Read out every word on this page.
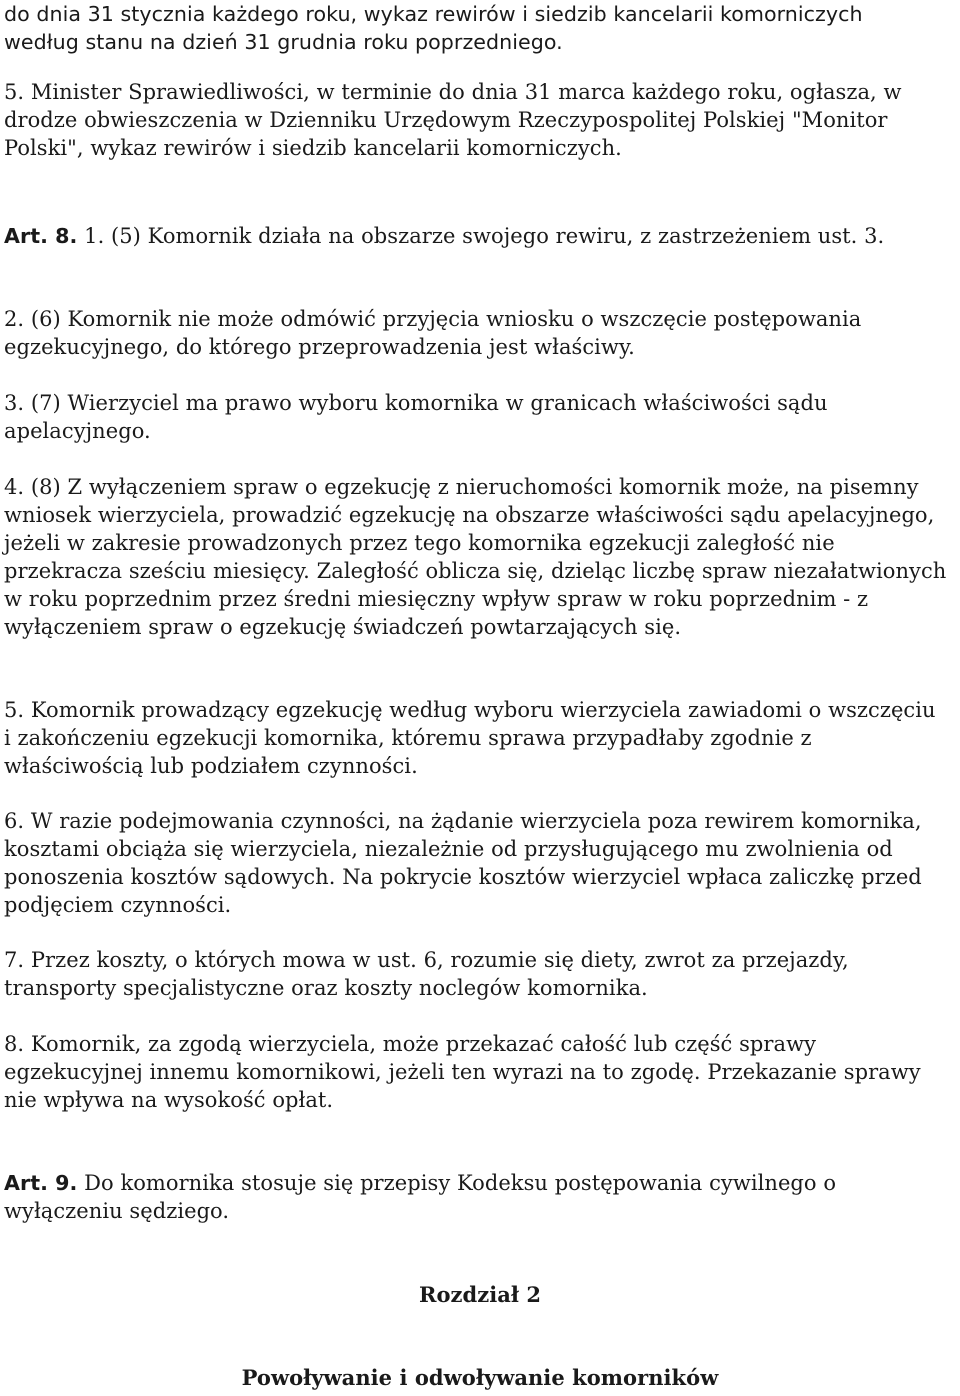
do dnia 31 stycznia każdego roku, wykaz rewirów i siedzib kancelarii komorniczych według stanu na dzień 31 grudnia roku poprzedniego.

5. Minister Sprawiedliwości, w terminie do dnia 31 marca każdego roku, ogłasza, w drodze obwieszczenia w Dzienniku Urzędowym Rzeczypospolitej Polskiej "Monitor Polski", wykaz rewirów i siedzib kancelarii komorniczych.

Art. 8. 1. (5) Komornik działa na obszarze swojego rewiru, z zastrzeżeniem ust. 3.

2. (6) Komornik nie może odmówić przyjęcia wniosku o wszczęcie postępowania egzekucyjnego, do którego przeprowadzenia jest właściwy.

3. (7) Wierzyciel ma prawo wyboru komornika w granicach właściwości sądu apelacyjnego.

4. (8) Z wyłączeniem spraw o egzekucję z nieruchomości komornik może, na pisemny wniosek wierzyciela, prowadzić egzekucję na obszarze właściwości sądu apelacyjnego, jeżeli w zakresie prowadzonych przez tego komornika egzekucji zaległość nie przekracza sześciu miesięcy. Zaległość oblicza się, dzieląc liczbę spraw niezałatwionych w roku poprzednim przez średni miesięczny wpływ spraw w roku poprzednim - z wyłączeniem spraw o egzekucję świadczeń powtarzających się.

5. Komornik prowadzący egzekucję według wyboru wierzyciela zawiadomi o wszczęciu i zakończeniu egzekucji komornika, któremu sprawa przypadłaby zgodnie z właściwością lub podziałem czynności.

6. W razie podejmowania czynności, na żądanie wierzyciela poza rewirem komornika, kosztami obciąża się wierzyciela, niezależnie od przysługującego mu zwolnienia od ponoszenia kosztów sądowych. Na pokrycie kosztów wierzyciel wpłaca zaliczkę przed podjęciem czynności.

7. Przez koszty, o których mowa w ust. 6, rozumie się diety, zwrot za przejazdy, transporty specjalistyczne oraz koszty noclegów komornika.

8. Komornik, za zgodą wierzyciela, może przekazać całość lub część sprawy egzekucyjnej innemu komornikowi, jeżeli ten wyrazi na to zgodę. Przekazanie sprawy nie wpływa na wysokość opłat.

Art. 9. Do komornika stosuje się przepisy Kodeksu postępowania cywilnego o wyłączeniu sędziego.

Rozdział 2

Powoływanie i odwoływanie komorników
